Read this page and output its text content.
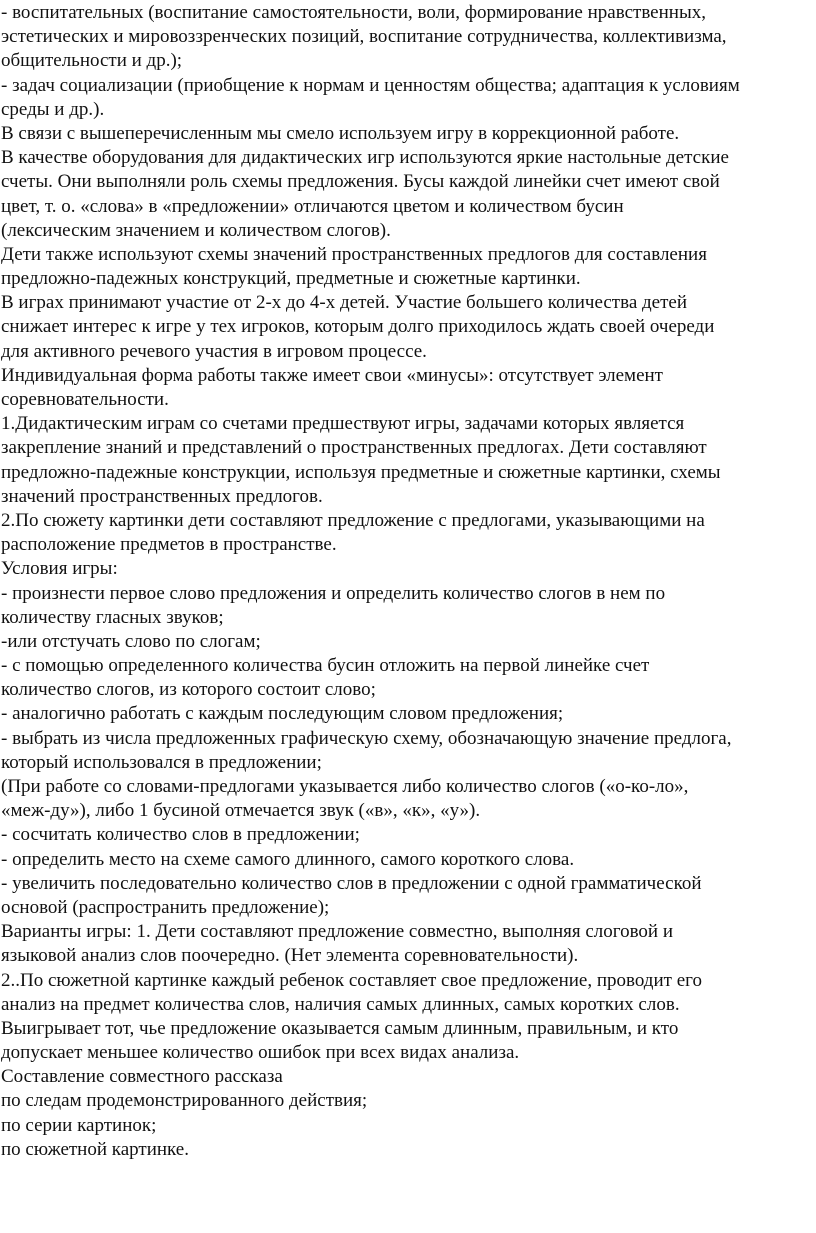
- воспитательных (воспитание самостоятельности, воли, формирование нравственных,
эстетических и мировоззренческих позиций, воспитание сотрудничества, коллективизма,
общительности и др.);
- задач социализации (приобщение к нормам и ценностям общества; адаптация к условиям
среды и др.).
В связи с вышеперечисленным мы смело используем игру в коррекционной работе.
В качестве оборудования для дидактических игр используются яркие настольные детские
счеты. Они выполняли роль схемы предложения. Бусы каждой линейки счет имеют свой
цвет, т. о. «слова» в «предложении» отличаются цветом и количеством бусин
(лексическим значением и количеством слогов).
Дети также используют схемы значений пространственных предлогов для составления
предложно-падежных конструкций, предметные и сюжетные картинки.
В играх принимают участие от 2-х до 4-х детей. Участие большего количества детей
снижает интерес к игре у тех игроков, которым долго приходилось ждать своей очереди
для активного речевого участия в игровом процессе.
Индивидуальная форма работы также имеет свои «минусы»: отсутствует элемент
соревновательности.
1.Дидактическим играм со счетами предшествуют игры, задачами которых является
закрепление знаний и представлений о пространственных предлогах. Дети составляют
предложно-падежные конструкции, используя предметные и сюжетные картинки, схемы
значений пространственных предлогов.
2.По сюжету картинки дети составляют предложение с предлогами, указывающими на
расположение предметов в пространстве.
Условия игры:
- произнести первое слово предложения и определить количество слогов в нем по
количеству гласных звуков;
-или отстучать слово по слогам;
- с помощью определенного количества бусин отложить на первой линейке счет
количество слогов, из которого состоит слово;
- аналогично работать с каждым последующим словом предложения;
- выбрать из числа предложенных графическую схему, обозначающую значение предлога,
который использовался в предложении;
(При работе со словами-предлогами указывается либо количество слогов («о-ко-ло»,
«меж-ду»), либо 1 бусиной отмечается звук («в», «к», «у»).
- сосчитать количество слов в предложении;
- определить место на схеме самого длинного, самого короткого слова.
- увеличить последовательно количество слов в предложении с одной грамматической
основой (распространить предложение);
Варианты игры: 1. Дети составляют предложение совместно, выполняя слоговой и
языковой анализ слов поочередно. (Нет элемента соревновательности).
2..По сюжетной картинке каждый ребенок составляет свое предложение, проводит его
анализ на предмет количества слов, наличия самых длинных, самых коротких слов.
Выигрывает тот, чье предложение оказывается самым длинным, правильным, и кто
допускает меньшее количество ошибок при всех видах анализа.
Составление совместного рассказа
по следам продемонстрированного действия;
по серии картинок;
по сюжетной картинке.
